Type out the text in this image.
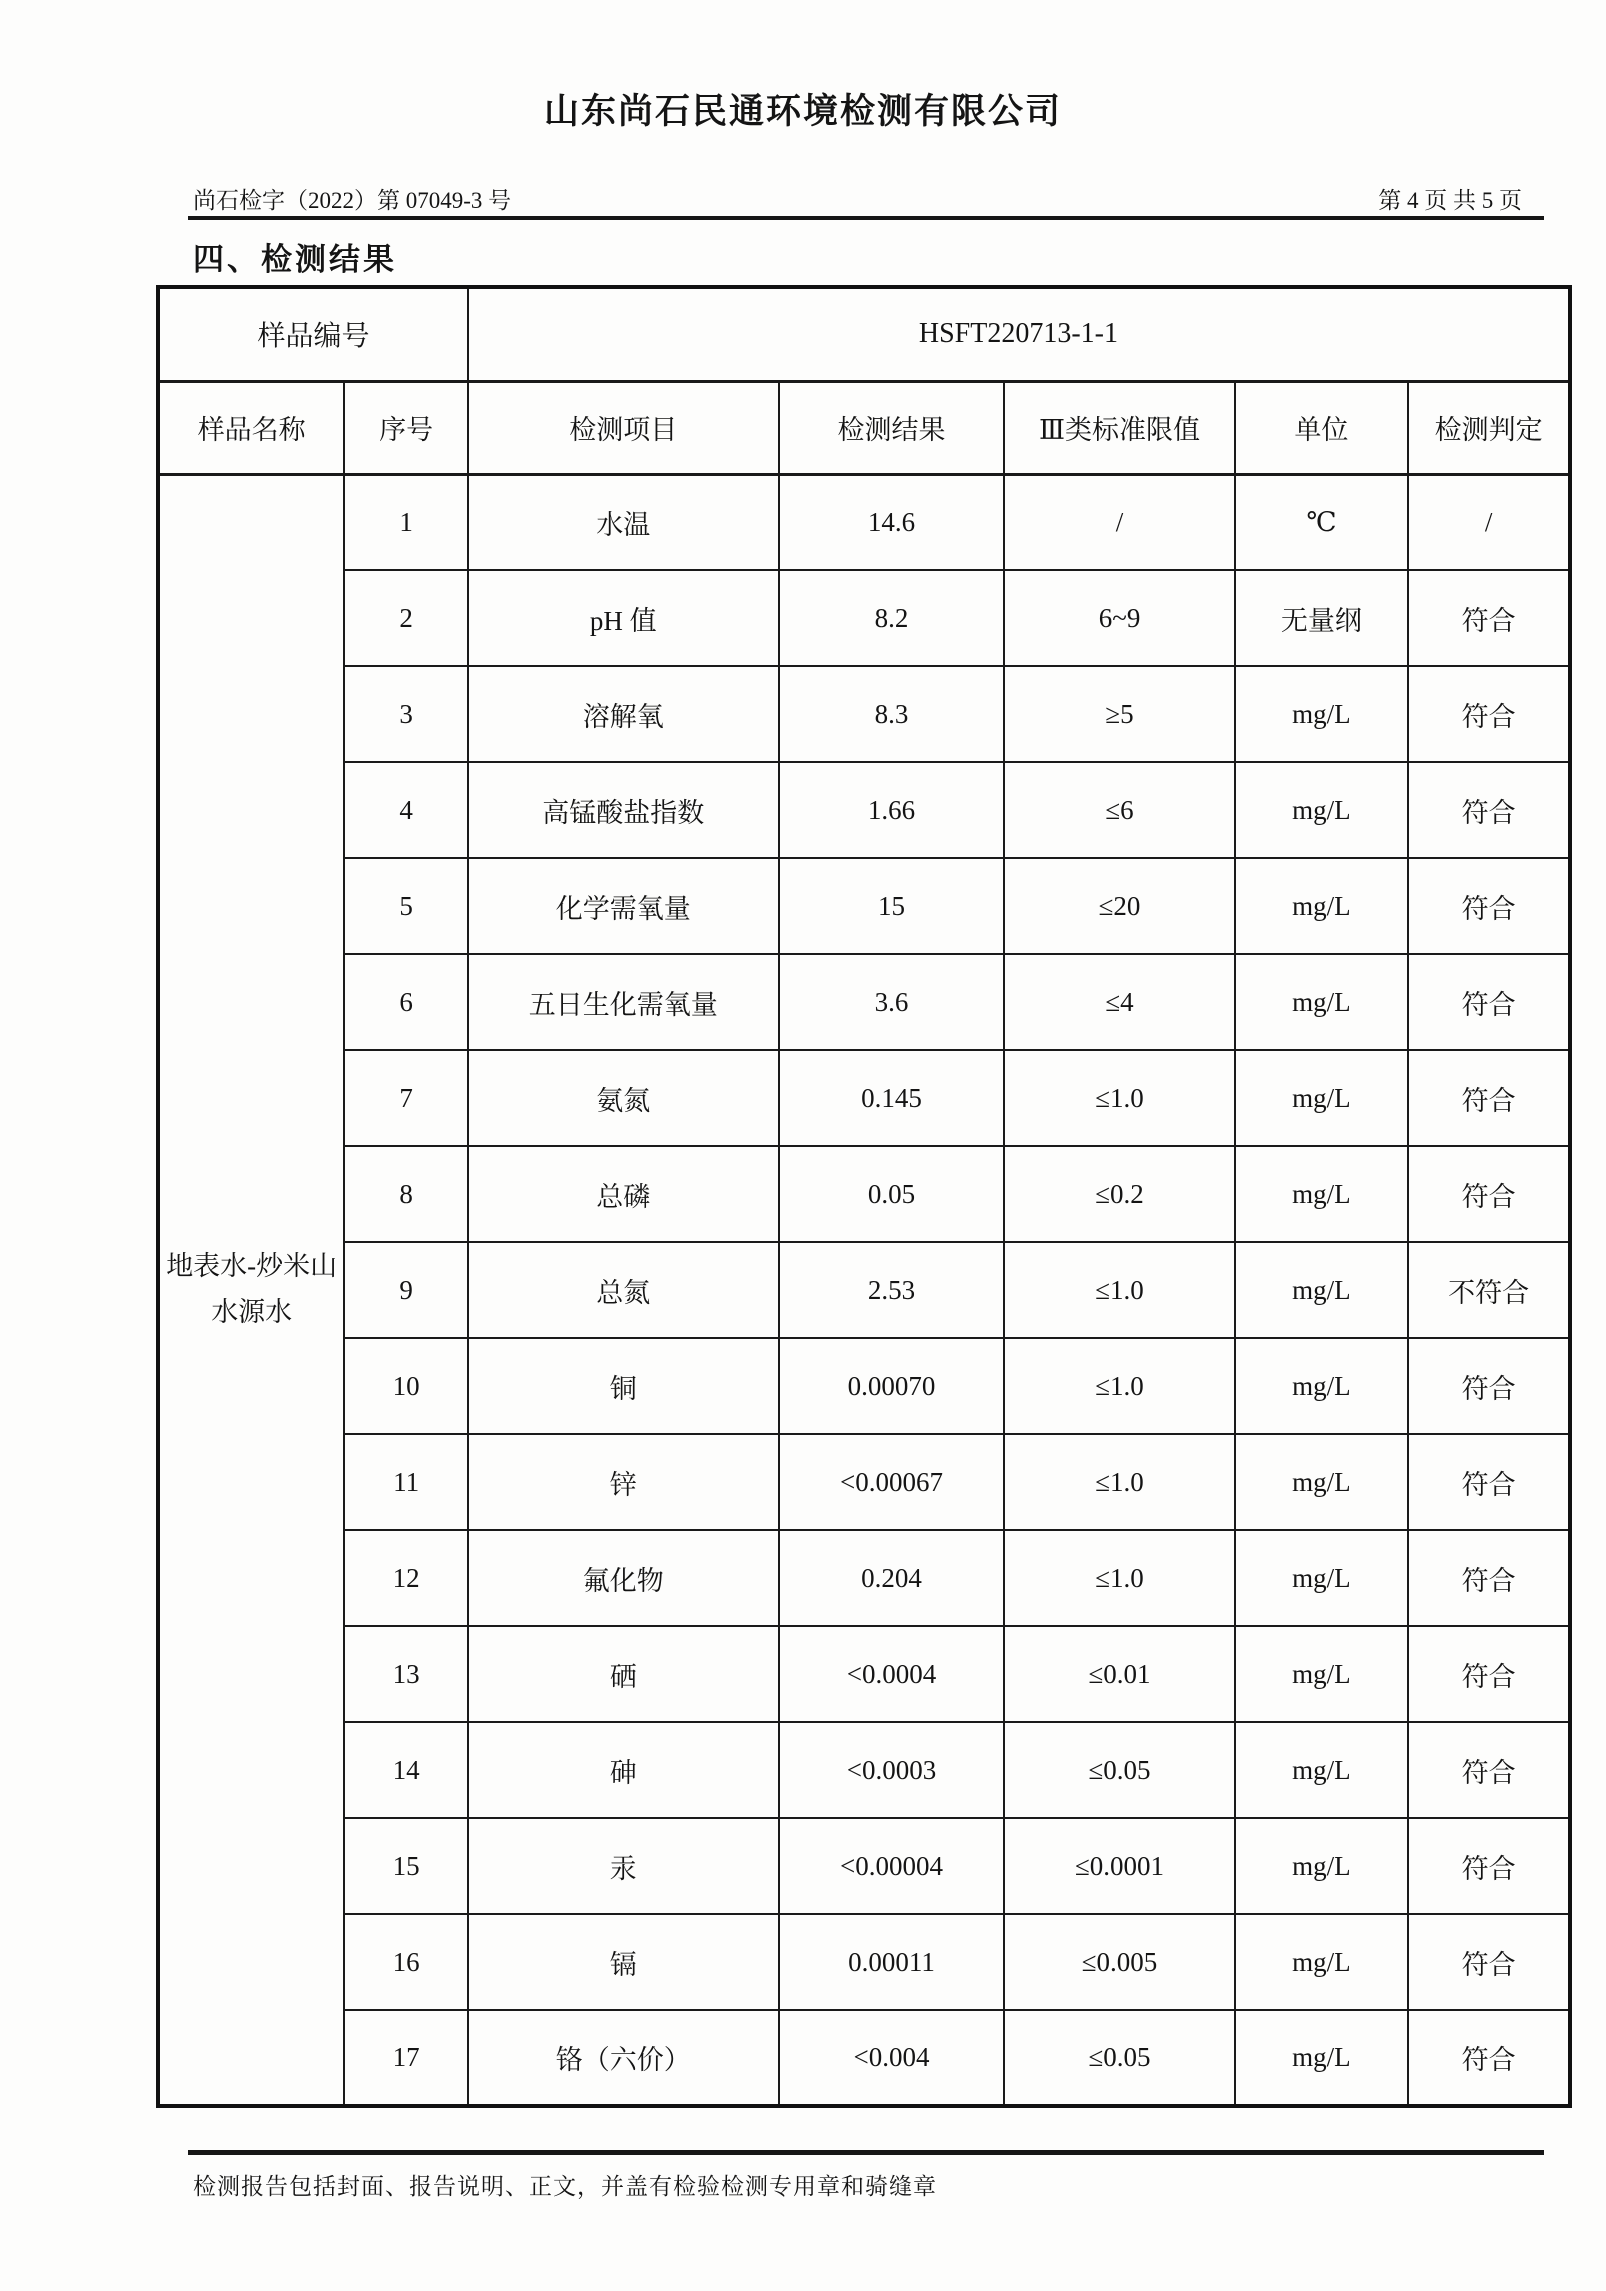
山东尚石民通环境检测有限公司
尚石检字（2022）第 07049-3 号	第 4 页 共 5 页
四、检测结果
样品编号		HSFT220713-1-1				
样品名称	序号	检测项目	检测结果	Ⅲ类标准限值	单位	检测判定
地表水-炒米山水源水	1	水温	14.6	/	℃	/
	2	pH 值	8.2	6~9	无量纲	符合
	3	溶解氧	8.3	≥5	mg/L	符合
	4	高锰酸盐指数	1.66	≤6	mg/L	符合
	5	化学需氧量	15	≤20	mg/L	符合
	6	五日生化需氧量	3.6	≤4	mg/L	符合
	7	氨氮	0.145	≤1.0	mg/L	符合
	8	总磷	0.05	≤0.2	mg/L	符合
	9	总氮	2.53	≤1.0	mg/L	不符合
	10	铜	0.00070	≤1.0	mg/L	符合
	11	锌	<0.00067	≤1.0	mg/L	符合
	12	氟化物	0.204	≤1.0	mg/L	符合
	13	硒	<0.0004	≤0.01	mg/L	符合
	14	砷	<0.0003	≤0.05	mg/L	符合
	15	汞	<0.00004	≤0.0001	mg/L	符合
	16	镉	0.00011	≤0.005	mg/L	符合
	17	铬（六价）	<0.004	≤0.05	mg/L	符合
检测报告包括封面、报告说明、正文，并盖有检验检测专用章和骑缝章
